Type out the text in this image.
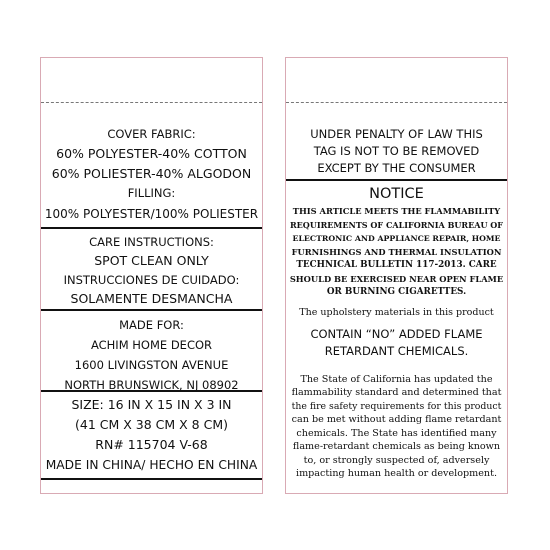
COVER FABRIC:
60% POLYESTER-40% COTTON
60% POLIESTER-40% ALGODON
FILLING:
100% POLYESTER/100% POLIESTER
CARE INSTRUCTIONS:
SPOT CLEAN ONLY
INSTRUCCIONES DE CUIDADO:
SOLAMENTE DESMANCHA
MADE FOR:
ACHIM HOME DECOR
1600 LIVINGSTON AVENUE
NORTH BRUNSWICK, NJ 08902
SIZE: 16 IN X 15 IN X 3 IN
(41 CM X 38 CM X 8 CM)
RN# 115704 V-68
MADE IN CHINA/ HECHO EN CHINA
UNDER PENALTY OF LAW THIS
TAG IS NOT TO BE REMOVED
EXCEPT BY THE CONSUMER
NOTICE
THIS ARTICLE MEETS THE FLAMMABILITY
REQUIREMENTS OF CALIFORNIA BUREAU OF
ELECTRONIC AND APPLIANCE REPAIR, HOME
FURNISHINGS AND THERMAL INSULATION
TECHNICAL BULLETIN 117-2013. CARE
SHOULD BE EXERCISED NEAR OPEN FLAME
OR BURNING CIGARETTES.
The upholstery materials in this product
CONTAIN “NO” ADDED FLAME
RETARDANT CHEMICALS.
The State of California has updated the
flammability standard and determined that
the fire safety requirements for this product
can be met without adding flame retardant
chemicals. The State has identified many
flame-retardant chemicals as being known
to, or strongly suspected of, adversely
impacting human health or development.
